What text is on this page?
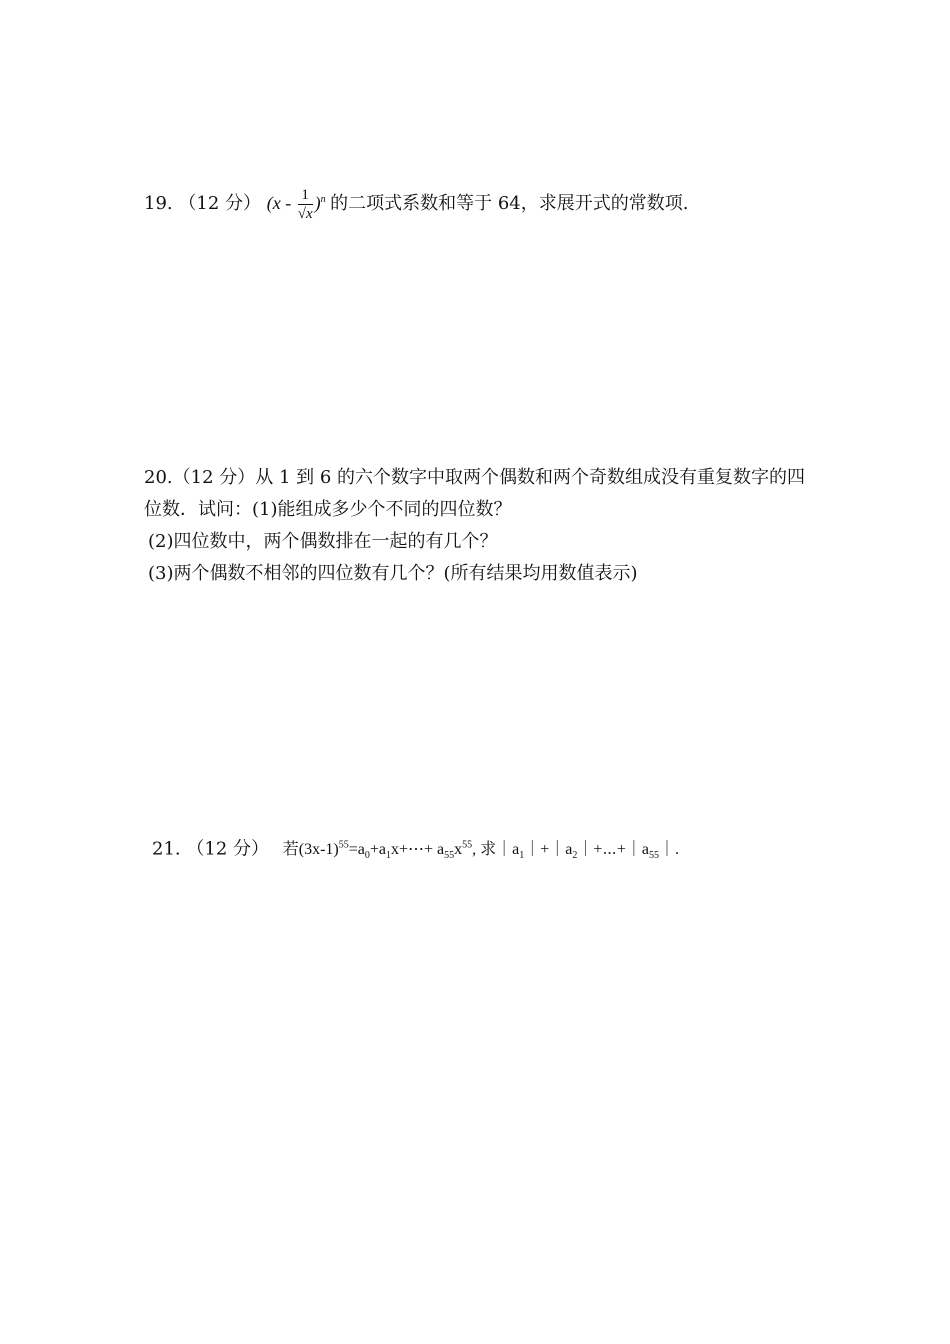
19. （12 分） $(x - \frac{1}{√x} )^n$ 的二项式系数和等于 64，求展开式的常数项.
20.（12 分）从 1 到 6 的六个数字中取两个偶数和两个奇数组成没有重复数字的四
位数．试问：(1)能组成多少个不同的四位数？
(2)四位数中，两个偶数排在一起的有几个？
(3)两个偶数不相邻的四位数有几个？(所有结果均用数值表示)
21. （12 分） 若$(3x-1)^{55}=a_0+a_1x+\cdots+ a_{55}x^{55}$, 求$|a_1|+|a_2|+\cdots+|a_{55}|$.
